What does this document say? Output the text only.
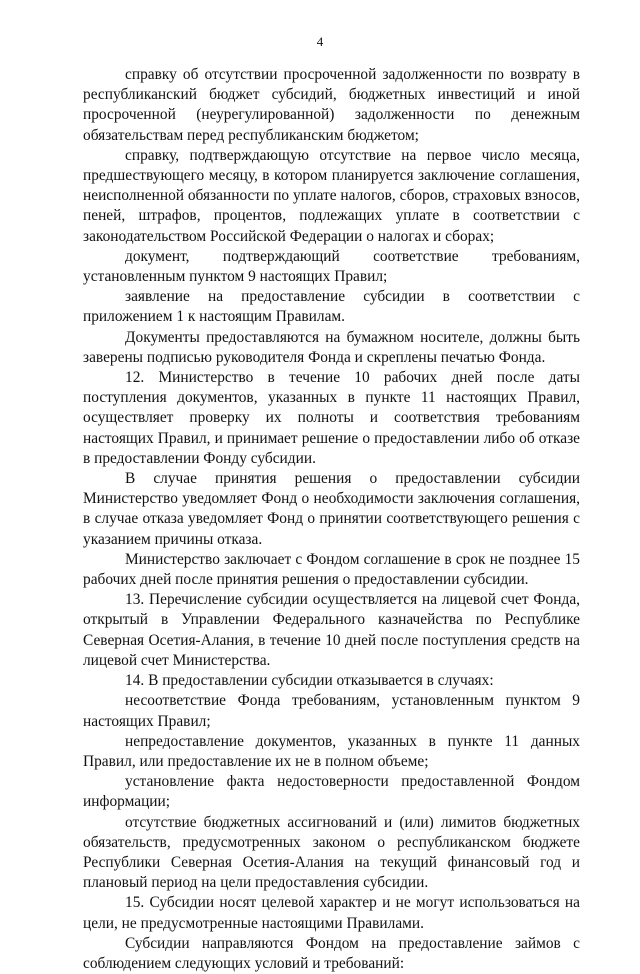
4

справку об отсутствии просроченной задолженности по возврату в республиканский бюджет субсидий, бюджетных инвестиций и иной просроченной (неурегулированной) задолженности по денежным обязательствам перед республиканским бюджетом;

справку, подтверждающую отсутствие на первое число месяца, предшествующего месяцу, в котором планируется заключение соглашения, неисполненной обязанности по уплате налогов, сборов, страховых взносов, пеней, штрафов, процентов, подлежащих уплате в соответствии с законодательством Российской Федерации о налогах и сборах;

документ, подтверждающий соответствие требованиям, установленным пунктом 9 настоящих Правил;

заявление на предоставление субсидии в соответствии с приложением 1 к настоящим Правилам.

Документы предоставляются на бумажном носителе, должны быть заверены подписью руководителя Фонда и скреплены печатью Фонда.

12. Министерство в течение 10 рабочих дней после даты поступления документов, указанных в пункте 11 настоящих Правил, осуществляет проверку их полноты и соответствия требованиям настоящих Правил, и принимает решение о предоставлении либо об отказе в предоставлении Фонду субсидии.

В случае принятия решения о предоставлении субсидии Министерство уведомляет Фонд о необходимости заключения соглашения, в случае отказа уведомляет Фонд о принятии соответствующего решения с указанием причины отказа.

Министерство заключает с Фондом соглашение в срок не позднее 15 рабочих дней после принятия решения о предоставлении субсидии.

13. Перечисление субсидии осуществляется на лицевой счет Фонда, открытый в Управлении Федерального казначейства по Республике Северная Осетия-Алания, в течение 10 дней после поступления средств на лицевой счет Министерства.

14. В предоставлении субсидии отказывается в случаях:

несоответствие Фонда требованиям, установленным пунктом 9 настоящих Правил;

непредоставление документов, указанных в пункте 11 данных Правил, или предоставление их не в полном объеме;

установление факта недостоверности предоставленной Фондом информации;

отсутствие бюджетных ассигнований и (или) лимитов бюджетных обязательств, предусмотренных законом о республиканском бюджете Республики Северная Осетия-Алания на текущий финансовый год и плановый период на цели предоставления субсидии.

15. Субсидии носят целевой характер и не могут использоваться на цели, не предусмотренные настоящими Правилами.

Субсидии направляются Фондом на предоставление займов с соблюдением следующих условий и требований:
